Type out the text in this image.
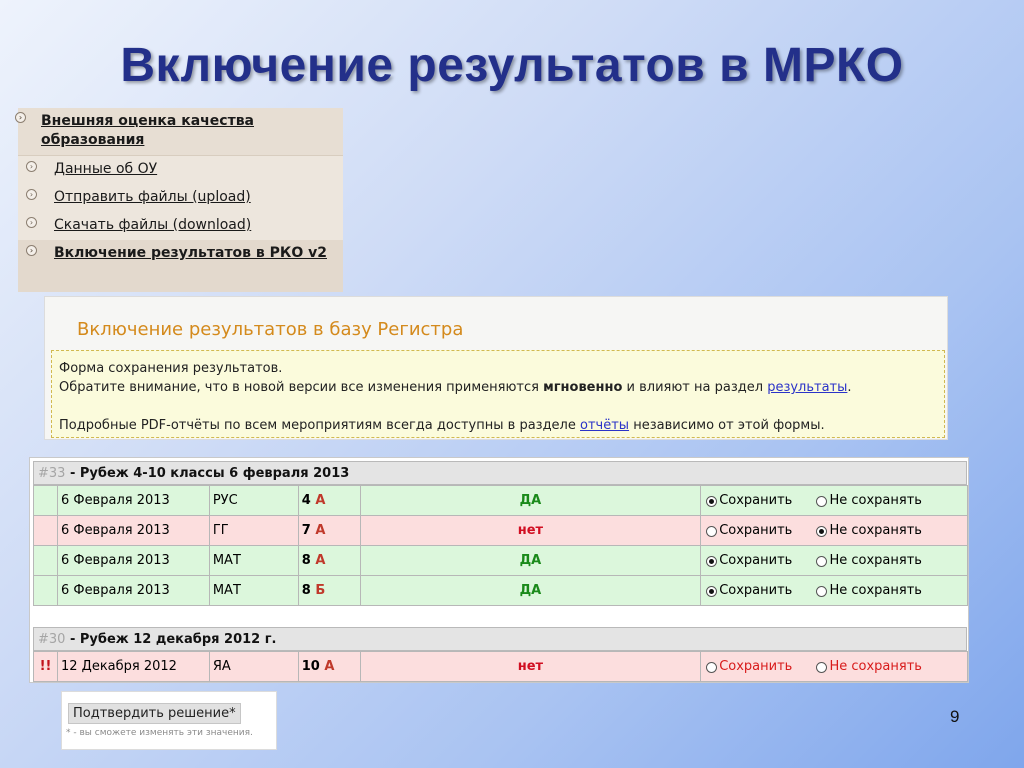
Включение результатов в МРКО
› Внешняя оценка качества образования
› Данные об ОУ
› Отправить файлы (upload)
› Скачать файлы (download)
› Включение результатов в РКО v2
Включение результатов в базу Регистра
Форма сохранения результатов.
Обратите внимание, что в новой версии все изменения применяются мгновенно и влияют на раздел результаты.
Подробные PDF-отчёты по всем мероприятиям всегда доступны в разделе отчёты независимо от этой формы.
#33 - Рубеж 4-10 классы 6 февраля 2013
	6 Февраля 2013	РУС	4 А	ДА	Сохранить Не сохранять
	6 Февраля 2013	ГГ	7 А	нет	Сохранить Не сохранять
	6 Февраля 2013	МАТ	8 А	ДА	Сохранить Не сохранять
	6 Февраля 2013	МАТ	8 Б	ДА	Сохранить Не сохранять
#30 - Рубеж 12 декабря 2012 г.
!!	12 Декабря 2012	ЯА	10 А	нет	Сохранить	Не сохранять
Подтвердить решение*
* - вы сможете изменять эти значения.
9
